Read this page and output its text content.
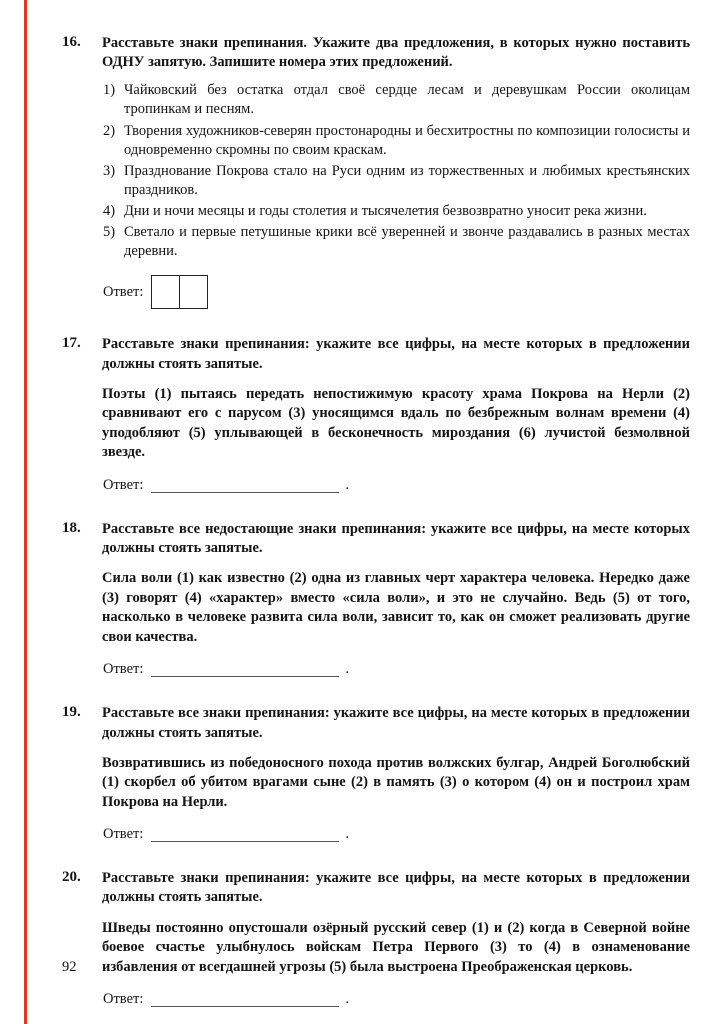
16.	Расставьте знаки препинания. Укажите два предложения, в которых нужно поставить ОДНУ запятую. Запишите номера этих предложений.

1) Чайковский без остатка отдал своё сердце лесам и деревушкам России околицам тропинкам и песням.
2) Творения художников-северян простонародны и бесхитростны по композиции голосисты и одновременно скромны по своим краскам.
3) Празднование Покрова стало на Руси одним из торжественных и любимых крестьянских праздников.
4) Дни и ночи месяцы и годы столетия и тысячелетия безвозвратно уносит река жизни.
5) Светало и первые петушиные крики всё уверенней и звонче раздавались в разных местах деревни.
Ответ:
17.	Расставьте знаки препинания: укажите все цифры, на месте которых в предложении должны стоять запятые.

Поэты (1) пытаясь передать непостижимую красоту храма Покрова на Нерли (2) сравнивают его с парусом (3) уносящимся вдаль по безбрежным волнам времени (4) уподобляют (5) уплывающей в бесконечность мироздания (6) лучистой безмолвной звезде.

Ответ:	.
18.	Расставьте все недостающие знаки препинания: укажите все цифры, на месте которых должны стоять запятые.

Сила воли (1) как известно (2) одна из главных черт характера человека. Нередко даже (3) говорят (4) «характер» вместо «сила воли», и это не случайно. Ведь (5) от того, насколько в человеке развита сила воли, зависит то, как он сможет реализовать другие свои качества.

Ответ:	.
19.	Расставьте все знаки препинания: укажите все цифры, на месте которых в предложении должны стоять запятые.

Возвратившись из победоносного похода против волжских булгар, Андрей Боголюбский (1) скорбел об убитом врагами сыне (2) в память (3) о котором (4) он и построил храм Покрова на Нерли.

Ответ:	.
20.	Расставьте знаки препинания: укажите все цифры, на месте которых в предложении должны стоять запятые.

Шведы постоянно опустошали озёрный русский север (1) и (2) когда в Северной войне боевое счастье улыбнулось войскам Петра Первого (3) то (4) в ознаменование избавления от всегдашней угрозы (5) была выстроена Преображенская церковь.

Ответ:	.
92
